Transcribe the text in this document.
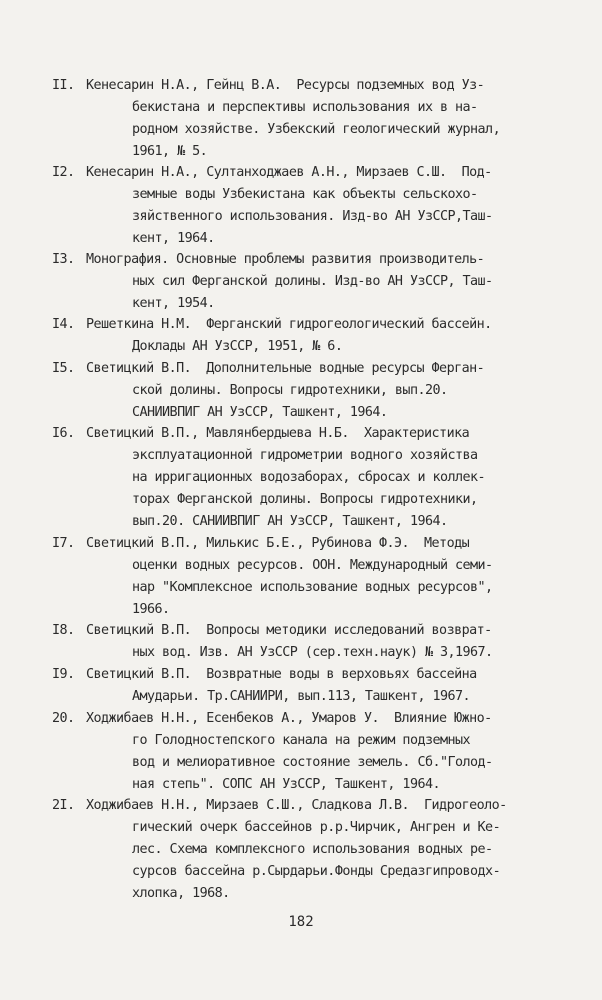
II. Кенесарин Н.А., Гейнц В.А.  Ресурсы подземных вод Уз-
бекистана и перспективы использования их в на-
родном хозяйстве. Узбекский геологический журнал,
1961, № 5.
I2. Кенесарин Н.А., Султанходжаев А.Н., Мирзаев С.Ш.  Под-
земные воды Узбекистана как объекты сельскохо-
зяйственного использования. Изд-во АН УзССР,Таш-
кент, 1964.
I3. Монография. Основные проблемы развития производитель-
ных сил Ферганской долины. Изд-во АН УзССР, Таш-
кент, 1954.
I4. Решеткина Н.М.  Ферганский гидрогеологический бассейн.
Доклады АН УзССР, 1951, № 6.
I5. Светицкий В.П.  Дополнительные водные ресурсы Ферган-
ской долины. Вопросы гидротехники, вып.20.
САНИИВПИГ АН УзССР, Ташкент, 1964.
I6. Светицкий В.П., Мавлянбердыева Н.Б.  Характеристика
эксплуатационной гидрометрии водного хозяйства
на ирригационных водозаборах, сбросах и коллек-
торах Ферганской долины. Вопросы гидротехники,
вып.20. САНИИВПИГ АН УзССР, Ташкент, 1964.
I7. Светицкий В.П., Милькис Б.Е., Рубинова Ф.Э.  Методы
оценки водных ресурсов. ООН. Международный семи-
нар "Комплексное использование водных ресурсов",
1966.
I8. Светицкий В.П.  Вопросы методики исследований возврат-
ных вод. Изв. АН УзССР (сер.техн.наук) № 3,1967.
I9. Светицкий В.П.  Возвратные воды в верховьях бассейна
Амударьи. Тр.САНИИРИ, вып.113, Ташкент, 1967.
20. Ходжибаев Н.Н., Есенбеков А., Умаров У.  Влияние Южно-
го Голодностепского канала на режим подземных
вод и мелиоративное состояние земель. Сб."Голод-
ная степь". СОПС АН УзССР, Ташкент, 1964.
2I. Ходжибаев Н.Н., Мирзаев С.Ш., Сладкова Л.В.  Гидрогеоло-
гический очерк бассейнов р.р.Чирчик, Ангрен и Ке-
лес. Схема комплексного использования водных ре-
сурсов бассейна р.Сырдарьи.Фонды Средазгипроводх-
хлопка, 1968.
182
